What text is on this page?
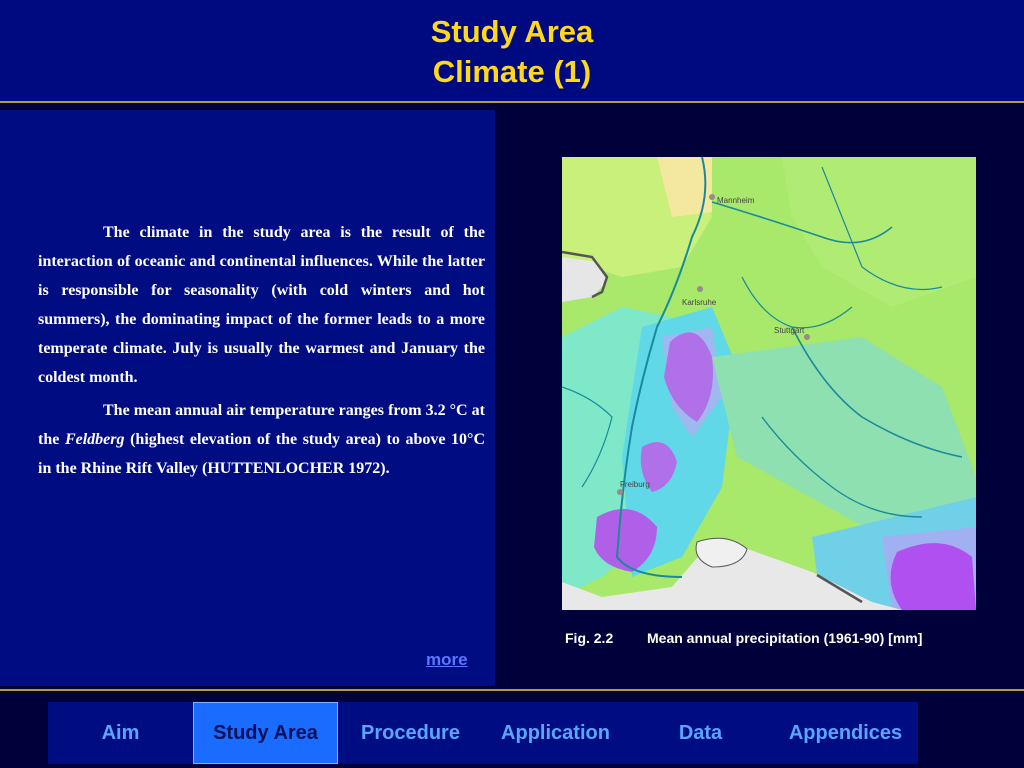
Study Area
Climate (1)

The climate in the study area is the result of the interaction of oceanic and continental influences. While the latter is responsible for seasonality (with cold winters and hot summers), the dominating impact of the former leads to a more temperate climate. July is usually the warmest and January the coldest month.

The mean annual air temperature ranges from 3.2 °C at the Feldberg (highest elevation of the study area) to above 10°C in the Rhine Rift Valley (HUTTENLOCHER 1972).

more
Mannheim
Karlsruhe
Stuttgart
Freiburg
Fig. 2.2 Mean annual precipitation (1961-90) [mm]
Aim	Study Area	Procedure	Application	Data	Appendices
